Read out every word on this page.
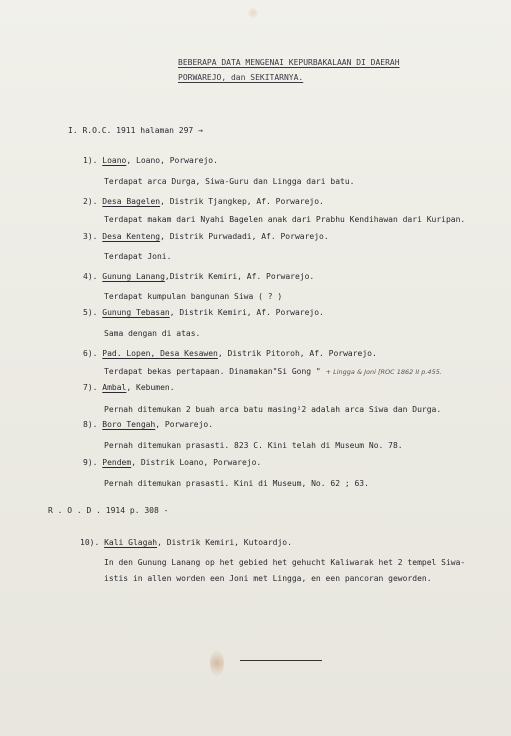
BEBERAPA DATA MENGENAI KEPURBAKALAAN DI DAERAH
PORWAREJO, dan SEKITARNYA.
I. R.O.C. 1911 halaman 297 →
1). Loano, Loano, Porwarejo.
Terdapat arca Durga, Siwa-Guru dan Lingga dari batu.
2). Desa Bagelen, Distrik Tjangkep, Af. Porwarejo.
Terdapat makam dari Nyahi Bagelen anak dari Prabhu Kendihawan dari Kuripan.
3). Desa Kenteng, Distrik Purwadadi, Af. Porwarejo.
Terdapat Joni.
4). Gunung Lanang,Distrik Kemiri, Af. Porwarejo.
Terdapat kumpulan bangunan Siwa ( ? )
5). Gunung Tebasan, Distrik Kemiri, Af. Porwarejo.
Sama dengan di atas.
6). Pad. Lopen, Desa Kesawen, Distrik Pitoroh, Af. Porwarejo.
Terdapat bekas pertapaan. Dinamakan"Si Gong " + Lingga & Joni [ROC 1862 II p.455.
7). Ambal, Kebumen.
Pernah ditemukan 2 buah arca batu masing²2 adalah arca Siwa dan Durga.
8). Boro Tengah, Porwarejo.
Pernah ditemukan prasasti. 823 C. Kini telah di Museum No. 78.
9). Pendem, Distrik Loano, Porwarejo.
Pernah ditemukan prasasti. Kini di Museum, No. 62 ; 63.
R . O . D . 1914 p. 308 -
10). Kali Glagah, Distrik Kemiri, Kutoardjo.
In den Gunung Lanang op het gebied het gehucht Kaliwarak het 2 tempel Siwa-
istis in allen worden een Joni met Lingga, en een pancoran geworden.
